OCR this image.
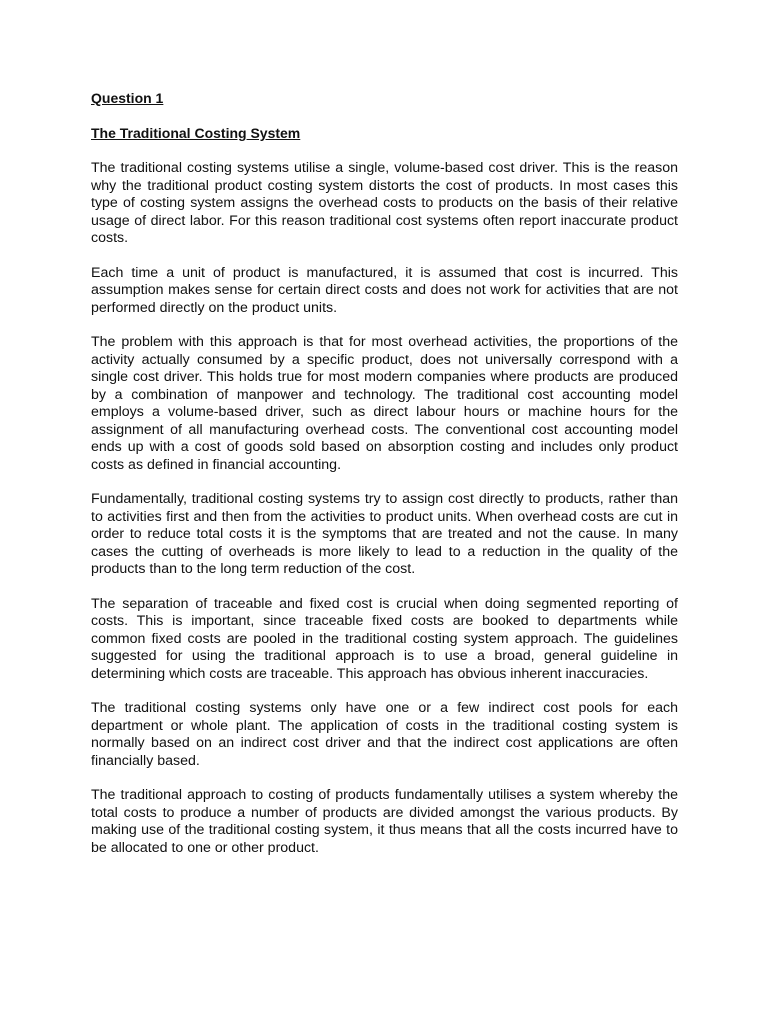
Question 1

The Traditional Costing System

The traditional costing systems utilise a single, volume-based cost driver. This is the reason why the traditional product costing system distorts the cost of products. In most cases this type of costing system assigns the overhead costs to products on the basis of their relative usage of direct labor. For this reason traditional cost systems often report inaccurate product costs.

Each time a unit of product is manufactured, it is assumed that cost is incurred. This assumption makes sense for certain direct costs and does not work for activities that are not performed directly on the product units.

The problem with this approach is that for most overhead activities, the proportions of the activity actually consumed by a specific product, does not universally correspond with a single cost driver. This holds true for most modern companies where products are produced by a combination of manpower and technology. The traditional cost accounting model employs a volume-based driver, such as direct labour hours or machine hours for the assignment of all manufacturing overhead costs. The conventional cost accounting model ends up with a cost of goods sold based on absorption costing and includes only product costs as defined in financial accounting.

Fundamentally, traditional costing systems try to assign cost directly to products, rather than to activities first and then from the activities to product units. When overhead costs are cut in order to reduce total costs it is the symptoms that are treated and not the cause. In many cases the cutting of overheads is more likely to lead to a reduction in the quality of the products than to the long term reduction of the cost.

The separation of traceable and fixed cost is crucial when doing segmented reporting of costs. This is important, since traceable fixed costs are booked to departments while common fixed costs are pooled in the traditional costing system approach. The guidelines suggested for using the traditional approach is to use a broad, general guideline in determining which costs are traceable. This approach has obvious inherent inaccuracies.

The traditional costing systems only have one or a few indirect cost pools for each department or whole plant. The application of costs in the traditional costing system is normally based on an indirect cost driver and that the indirect cost applications are often financially based.

The traditional approach to costing of products fundamentally utilises a system whereby the total costs to produce a number of products are divided amongst the various products. By making use of the traditional costing system, it thus means that all the costs incurred have to be allocated to one or other product.
